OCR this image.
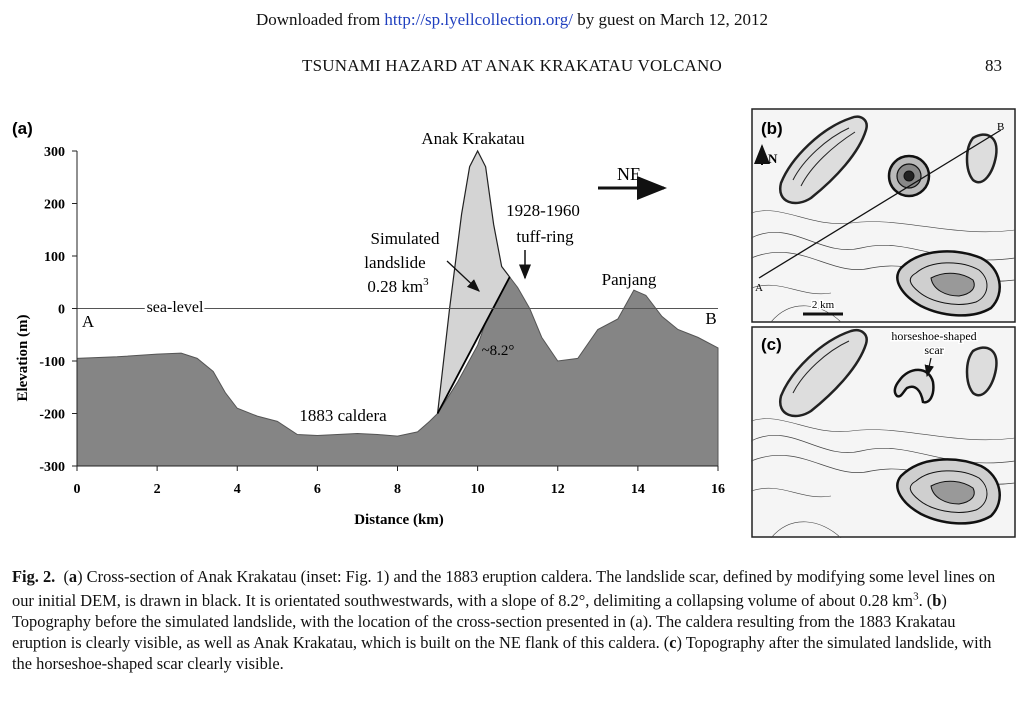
Downloaded from http://sp.lyellcollection.org/ by guest on March 12, 2012
TSUNAMI HAZARD AT ANAK KRAKATAU VOLCANO	83
(a)
Elevation (m)
Distance (km)
300
200
100
0
-100
-200
-300
0	2	4	6	8	10	12	14	16
Anak Krakatau
NE
1928-1960
tuff-ring
Simulated
landslide
0.28 $km^3$
~8.2°
Panjang
1883 caldera
sea-level
A	B
(b)
N
A
B
2 km
(c)	horseshoe-shaped
scar

Fig. 2. (a) Cross-section of Anak Krakatau (inset: Fig. 1) and the 1883 eruption caldera. The landslide scar, defined by modifying some level lines on our initial DEM, is drawn in black. It is orientated southwestwards, with a slope of 8.2°, delimiting a collapsing volume of about 0.28 $km^3$. (b) Topography before the simulated landslide, with the location of the cross-section presented in (a). The caldera resulting from the 1883 Krakatau eruption is clearly visible, as well as Anak Krakatau, which is built on the NE flank of this caldera. (c) Topography after the simulated landslide, with the horseshoe-shaped scar clearly visible.
